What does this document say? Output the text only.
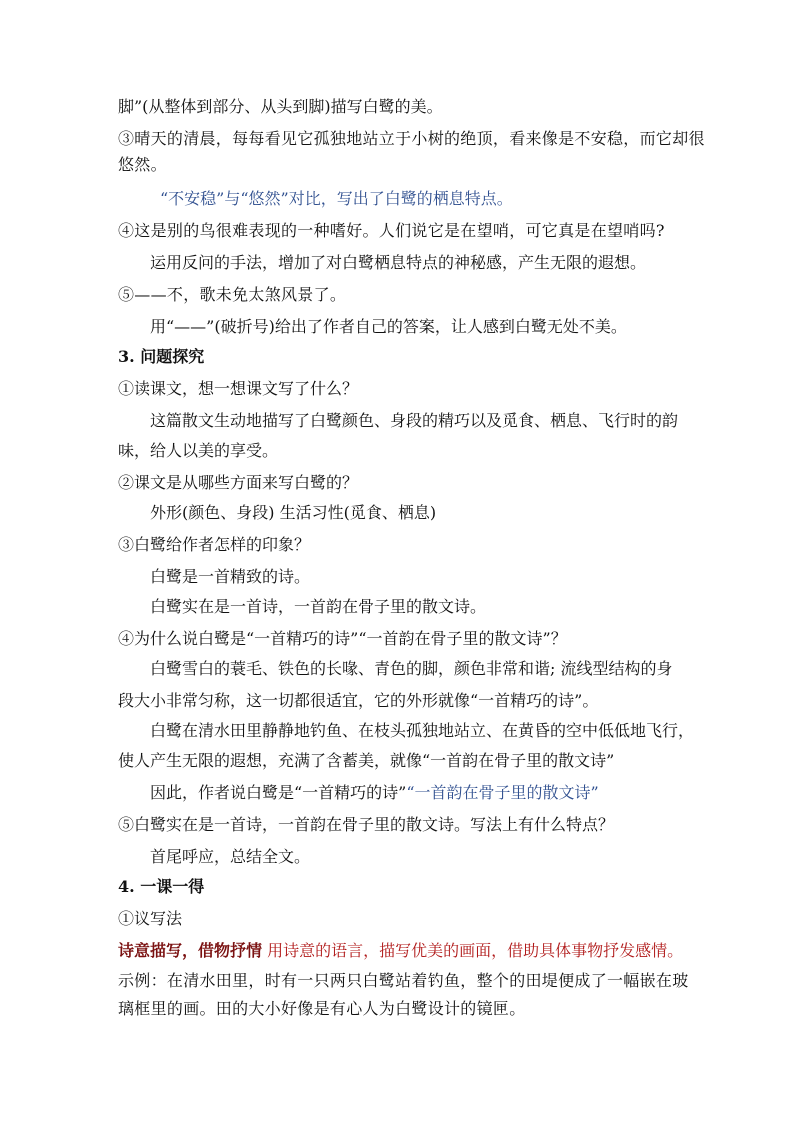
脚”(从整体到部分、从头到脚)描写白鹭的美。
③晴天的清晨，每每看见它孤独地站立于小树的绝顶，看来像是不安稳，而它却很
悠然。
“不安稳”与“悠然”对比，写出了白鹭的栖息特点。
④这是别的鸟很难表现的一种嗜好。人们说它是在望哨，可它真是在望哨吗?
运用反问的手法，增加了对白鹭栖息特点的神秘感，产生无限的遐想。
⑤——不，歌未免太煞风景了。
用“——”(破折号)给出了作者自己的答案，让人感到白鹭无处不美。
3. 问题探究
①读课文，想一想课文写了什么？
这篇散文生动地描写了白鹭颜色、身段的精巧以及觅食、栖息、飞行时的韵
味，给人以美的享受。
②课文是从哪些方面来写白鹭的？
外形(颜色、身段) 生活习性(觅食、栖息)
③白鹭给作者怎样的印象？
白鹭是一首精致的诗。
白鹭实在是一首诗，一首韵在骨子里的散文诗。
④为什么说白鹭是“一首精巧的诗”“一首韵在骨子里的散文诗”？
白鹭雪白的蓑毛、铁色的长喙、青色的脚，颜色非常和谐; 流线型结构的身
段大小非常匀称，这一切都很适宜，它的外形就像“一首精巧的诗”。
白鹭在清水田里静静地钓鱼、在枝头孤独地站立、在黄昏的空中低低地飞行，
使人产生无限的遐想，充满了含蓄美，就像“一首韵在骨子里的散文诗”
因此，作者说白鹭是“一首精巧的诗”“一首韵在骨子里的散文诗”
⑤白鹭实在是一首诗，一首韵在骨子里的散文诗。写法上有什么特点？
首尾呼应，总结全文。
4. 一课一得
①议写法
诗意描写，借物抒情 用诗意的语言，描写优美的画面，借助具体事物抒发感情。
示例：在清水田里，时有一只两只白鹭站着钓鱼，整个的田堤便成了一幅嵌在玻
璃框里的画。田的大小好像是有心人为白鹭设计的镜匣。
